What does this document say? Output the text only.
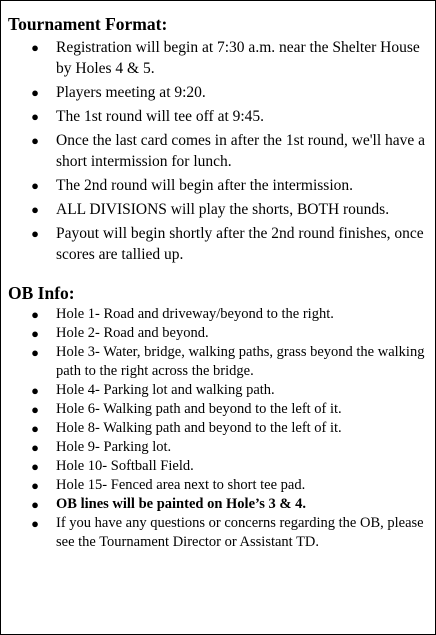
Tournament Format:
● Registration will begin at 7:30 a.m. near the Shelter House by Holes 4 & 5.
● Players meeting at 9:20.
● The 1st round will tee off at 9:45.
● Once the last card comes in after the 1st round, we'll have a short intermission for lunch.
● The 2nd round will begin after the intermission.
● ALL DIVISIONS will play the shorts, BOTH rounds.
● Payout will begin shortly after the 2nd round finishes, once scores are tallied up.
OB Info:
● Hole 1- Road and driveway/beyond to the right.
● Hole 2- Road and beyond.
● Hole 3- Water, bridge, walking paths, grass beyond the walking path to the right across the bridge.
● Hole 4- Parking lot and walking path.
● Hole 6- Walking path and beyond to the left of it.
● Hole 8- Walking path and beyond to the left of it.
● Hole 9- Parking lot.
● Hole 10- Softball Field.
● Hole 15- Fenced area next to short tee pad.
● OB lines will be painted on Hole’s 3 & 4.
● If you have any questions or concerns regarding the OB, please see the Tournament Director or Assistant TD.
